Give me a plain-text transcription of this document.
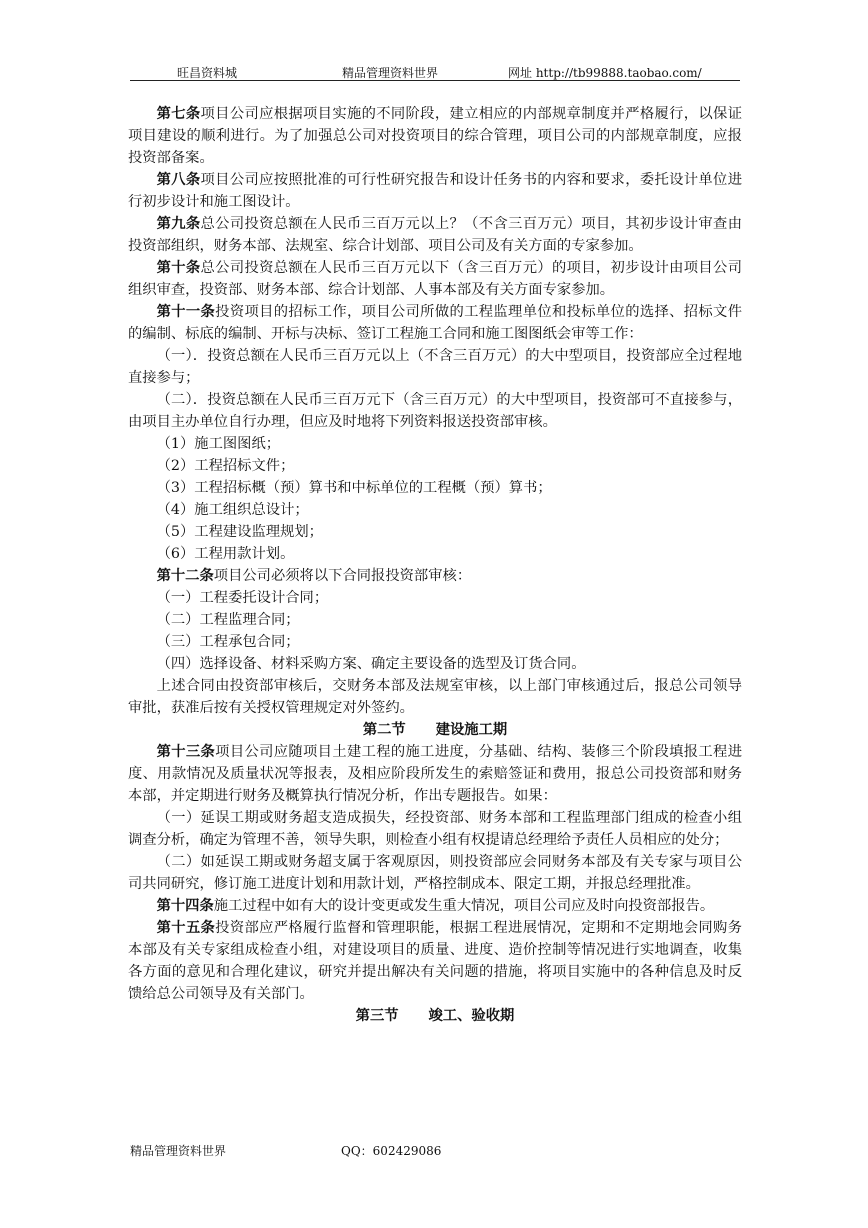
旺昌资料城	精品管理资料世界	网址 http://tb99888.taobao.com/

第七条项目公司应根据项目实施的不同阶段，建立相应的内部规章制度并严格履行，以保证项目建设的顺利进行。为了加强总公司对投资项目的综合管理，项目公司的内部规章制度，应报投资部备案。

第八条项目公司应按照批准的可行性研究报告和设计任务书的内容和要求，委托设计单位进行初步设计和施工图设计。

第九条总公司投资总额在人民币三百万元以上？（不含三百万元）项目，其初步设计审查由投资部组织，财务本部、法规室、综合计划部、项目公司及有关方面的专家参加。

第十条总公司投资总额在人民币三百万元以下（含三百万元）的项目，初步设计由项目公司组织审查，投资部、财务本部、综合计划部、人事本部及有关方面专家参加。

第十一条投资项目的招标工作，项目公司所做的工程监理单位和投标单位的选择、招标文件的编制、标底的编制、开标与决标、签订工程施工合同和施工图图纸会审等工作：

（一）．投资总额在人民币三百万元以上（不含三百万元）的大中型项目，投资部应全过程地直接参与；

（二）．投资总额在人民币三百万元下（含三百万元）的大中型项目，投资部可不直接参与，由项目主办单位自行办理，但应及时地将下列资料报送投资部审核。

（1）施工图图纸；

（2）工程招标文件；

（3）工程招标概（预）算书和中标单位的工程概（预）算书；

（4）施工组织总设计；

（5）工程建设监理规划；

（6）工程用款计划。

第十二条项目公司必须将以下合同报投资部审核：

（一）工程委托设计合同；

（二）工程监理合同；

（三）工程承包合同；

（四）选择设备、材料采购方案、确定主要设备的选型及订货合同。

上述合同由投资部审核后，交财务本部及法规室审核，以上部门审核通过后，报总公司领导审批，获准后按有关授权管理规定对外签约。

第二节 建设施工期

第十三条项目公司应随项目土建工程的施工进度，分基础、结构、装修三个阶段填报工程进度、用款情况及质量状况等报表，及相应阶段所发生的索赔签证和费用，报总公司投资部和财务本部，并定期进行财务及概算执行情况分析，作出专题报告。如果：

（一）延误工期或财务超支造成损失，经投资部、财务本部和工程监理部门组成的检查小组调查分析，确定为管理不善，领导失职，则检查小组有权提请总经理给予责任人员相应的处分；

（二）如延误工期或财务超支属于客观原因，则投资部应会同财务本部及有关专家与项目公司共同研究，修订施工进度计划和用款计划，严格控制成本、限定工期，并报总经理批准。

第十四条施工过程中如有大的设计变更或发生重大情况，项目公司应及时向投资部报告。

第十五条投资部应严格履行监督和管理职能，根据工程进展情况，定期和不定期地会同购务本部及有关专家组成检查小组，对建设项目的质量、进度、造价控制等情况进行实地调查，收集各方面的意见和合理化建议，研究并提出解决有关问题的措施，将项目实施中的各种信息及时反馈给总公司领导及有关部门。

第三节 竣工、验收期
精品管理资料世界	QQ：602429086
